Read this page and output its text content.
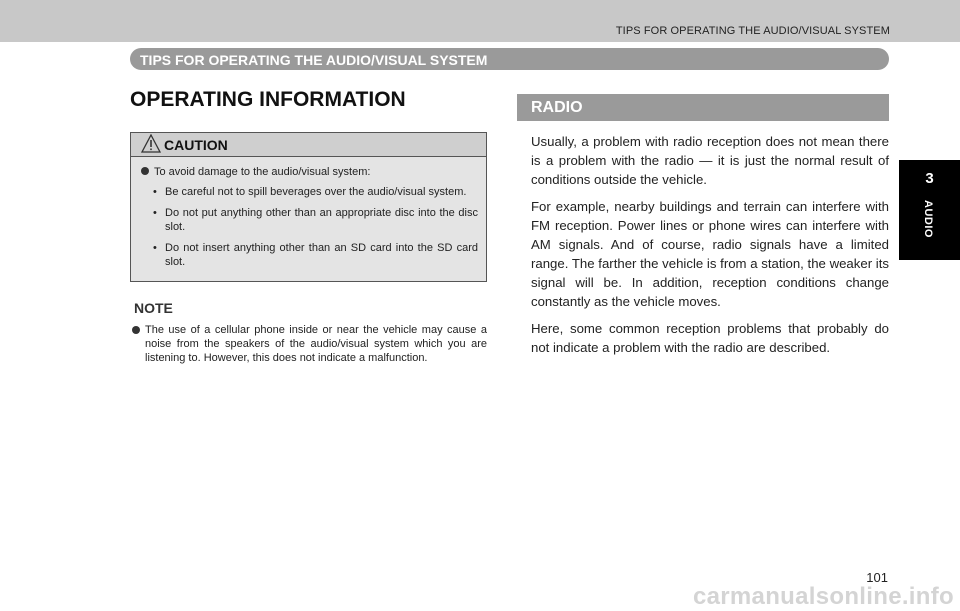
TIPS FOR OPERATING THE AUDIO/VISUAL SYSTEM
TIPS FOR OPERATING THE AUDIO/VISUAL SYSTEM
OPERATING INFORMATION
CAUTION
To avoid damage to the audio/visual system:
• Be careful not to spill beverages over the audio/visual system.
• Do not put anything other than an appropriate disc into the disc slot.
• Do not insert anything other than an SD card into the SD card slot.
NOTE
The use of a cellular phone inside or near the vehicle may cause a noise from the speakers of the audio/visual system which you are listening to. However, this does not indicate a malfunction.
RADIO

Usually, a problem with radio reception does not mean there is a problem with the radio — it is just the normal result of conditions outside the vehicle.

For example, nearby buildings and terrain can interfere with FM reception. Power lines or phone wires can interfere with AM signals. And of course, radio signals have a limited range. The farther the vehicle is from a station, the weaker its signal will be. In addition, reception conditions change constantly as the vehicle moves.

Here, some common reception problems that probably do not indicate a problem with the radio are described.

3
AUDIO
101
carmanualsonline.info
